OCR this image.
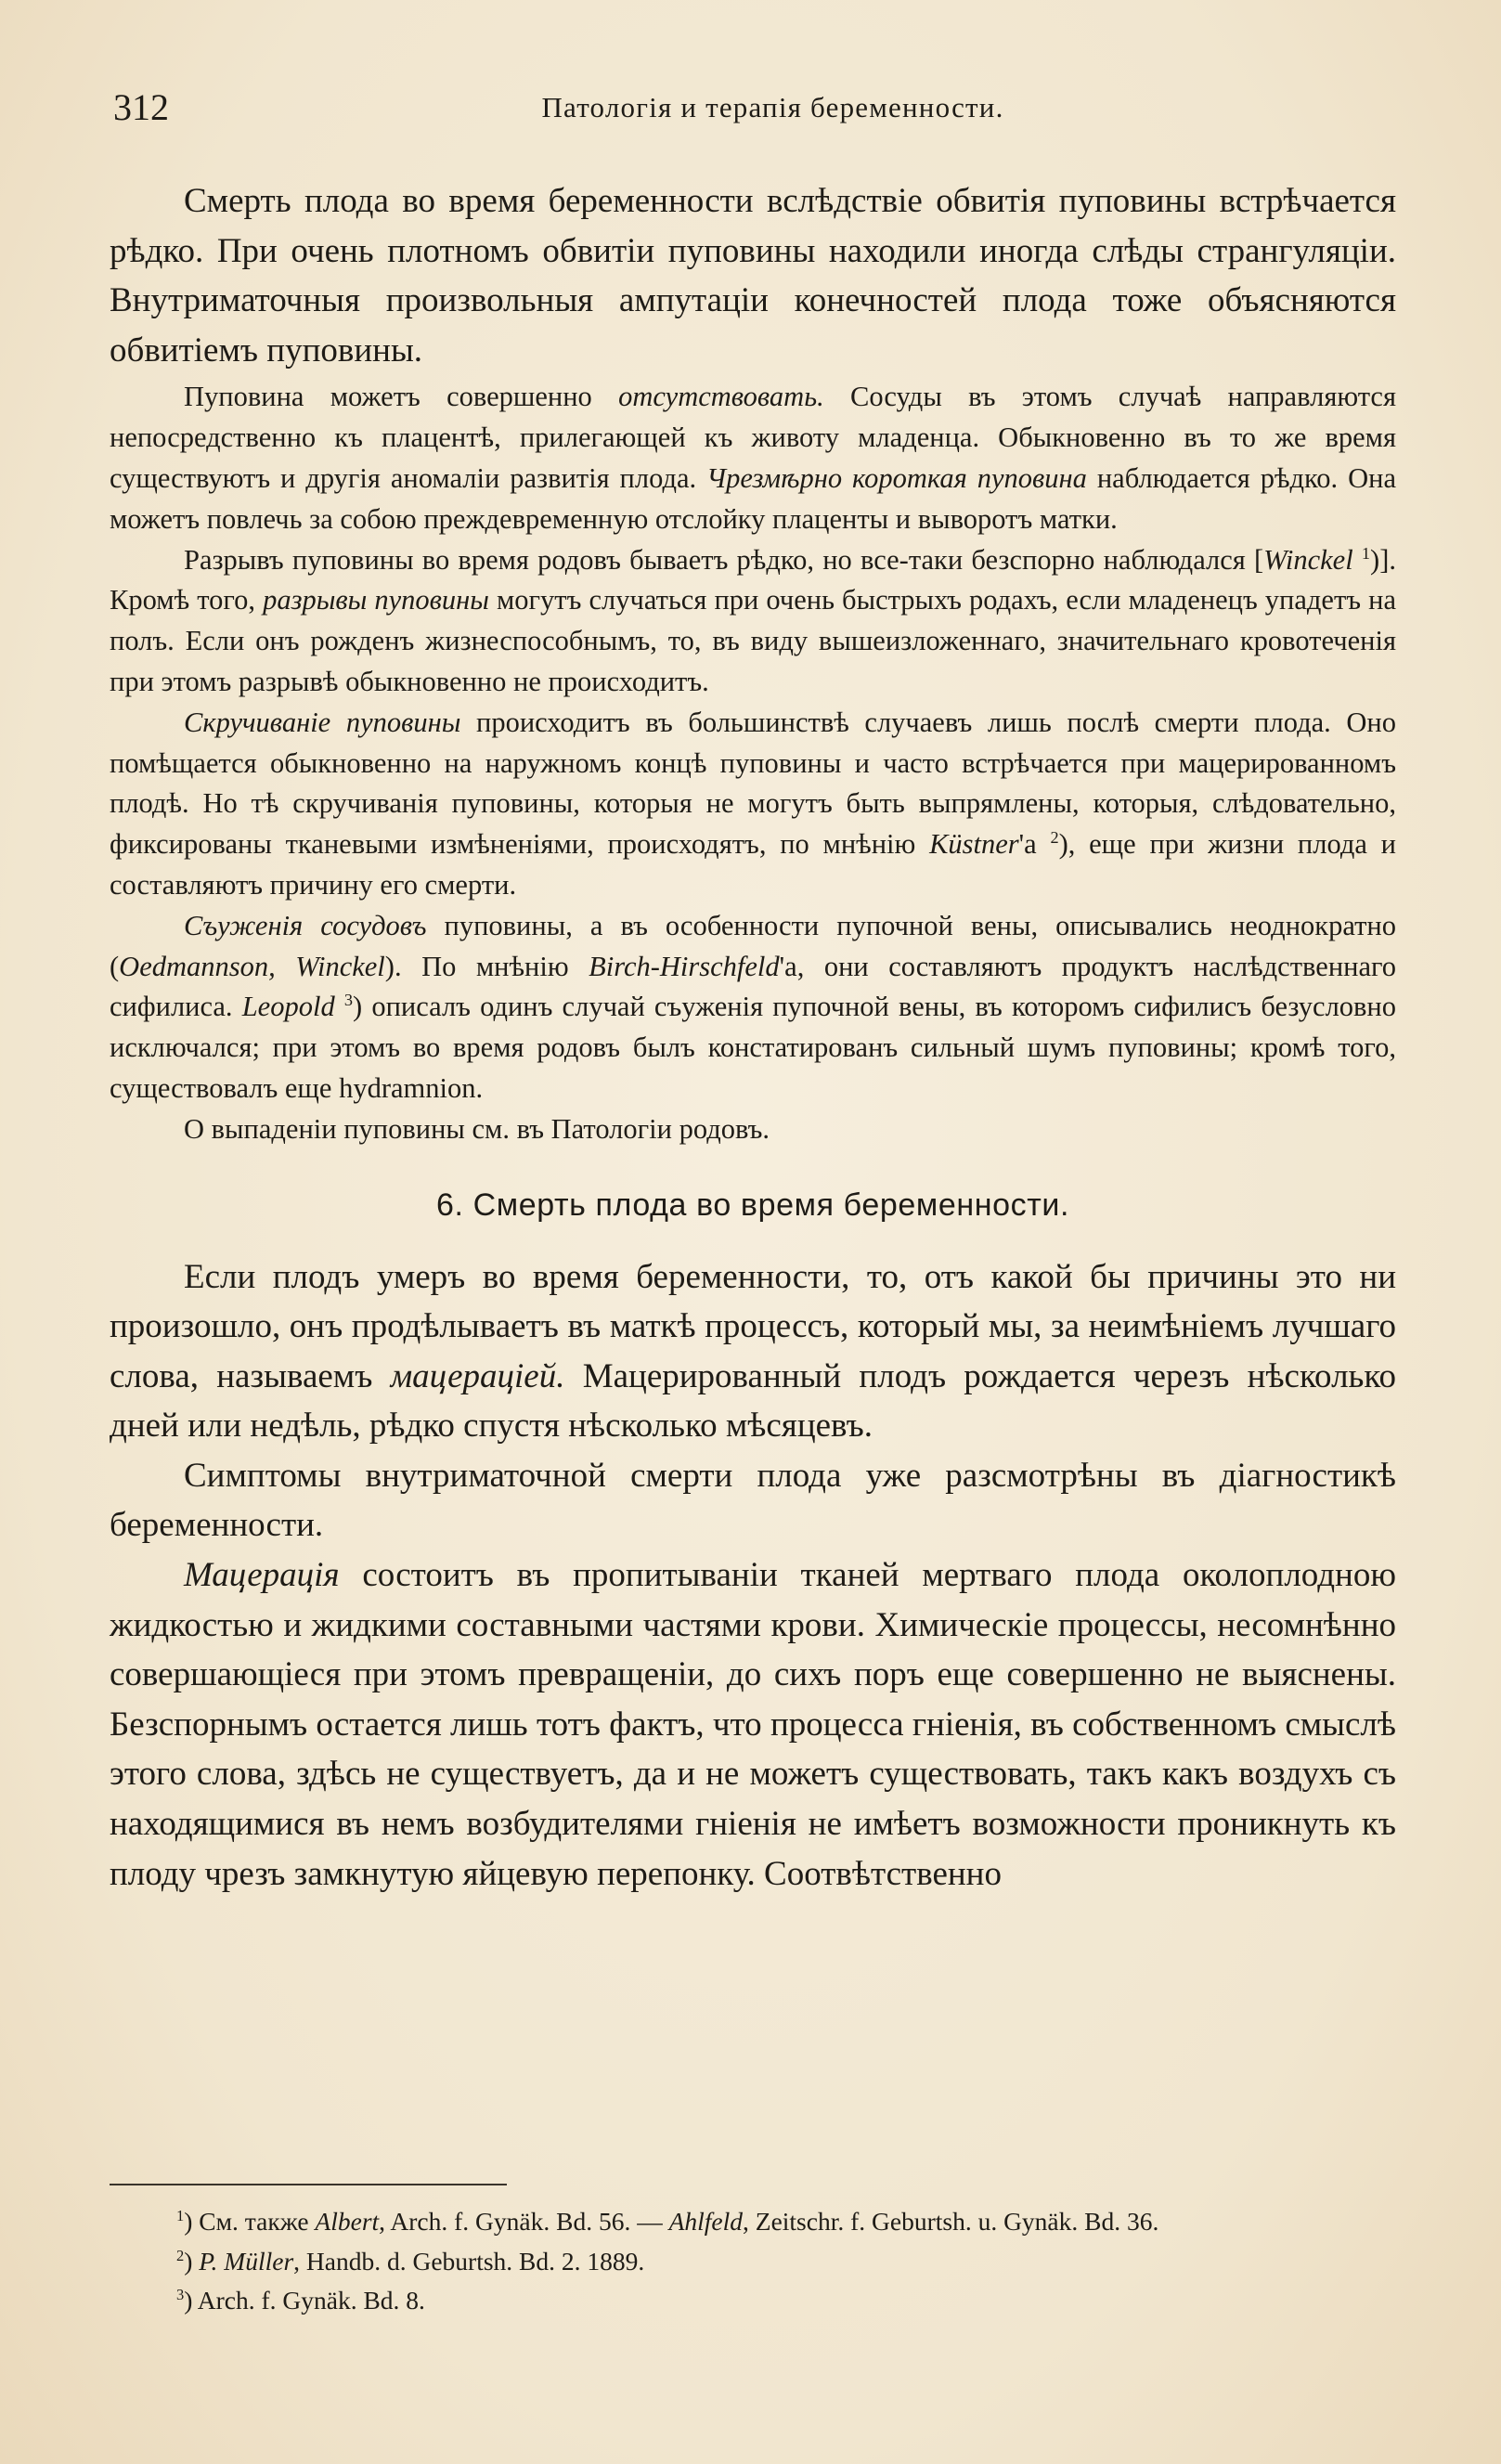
312	Патологія и терапія беременности.

Смерть плода во время беременности вслѣдствіе обвитія пуповины встрѣчается рѣдко. При очень плотномъ обвитіи пуповины находили иногда слѣды странгуляціи. Внутриматочныя произвольныя ампутаціи конечностей плода тоже объясняются обвитіемъ пуповины.

Пуповина можетъ совершенно отсутствовать. Сосуды въ этомъ случаѣ направляются непосредственно къ плацентѣ, прилегающей къ животу младенца. Обыкновенно въ то же время существуютъ и другія аномаліи развитія плода. Чрезмѣрно короткая пуповина наблюдается рѣдко. Она можетъ повлечь за собою преждевременную отслойку плаценты и выворотъ матки.

Разрывъ пуповины во время родовъ бываетъ рѣдко, но все-таки безспорно наблюдался [Winckel $^1$)]. Кромѣ того, разрывы пуповины могутъ случаться при очень быстрыхъ родахъ, если младенецъ упадетъ на полъ. Если онъ рожденъ жизнеспособнымъ, то, въ виду вышеизложеннаго, значительнаго кровотеченія при этомъ разрывѣ обыкновенно не происходитъ.

Скручиваніе пуповины происходитъ въ большинствѣ случаевъ лишь послѣ смерти плода. Оно помѣщается обыкновенно на наружномъ концѣ пуповины и часто встрѣчается при мацерированномъ плодѣ. Но тѣ скручиванія пуповины, которыя не могутъ быть выпрямлены, которыя, слѣдовательно, фиксированы тканевыми измѣненіями, происходятъ, по мнѣнію Küstner'а $^2$), еще при жизни плода и составляютъ причину его смерти.

Съуженія сосудовъ пуповины, а въ особенности пупочной вены, описывались неоднократно (Oedmannson, Winckel). По мнѣнію Birch-Hirschfeld'а, они составляютъ продуктъ наслѣдственнаго сифилиса. Leopold $^3$) описалъ одинъ случай съуженія пупочной вены, въ которомъ сифилисъ безусловно исключался; при этомъ во время родовъ былъ констатированъ сильный шумъ пуповины; кромѣ того, существовалъ еще hydramnion.

О выпаденіи пуповины см. въ Патологіи родовъ.

6. Смерть плода во время беременности.

Если плодъ умеръ во время беременности, то, отъ какой бы причины это ни произошло, онъ продѣлываетъ въ маткѣ процессъ, который мы, за неимѣніемъ лучшаго слова, называемъ мацераціей. Мацерированный плодъ рождается черезъ нѣсколько дней или недѣль, рѣдко спустя нѣсколько мѣсяцевъ.

Симптомы внутриматочной смерти плода уже разсмотрѣны въ діагностикѣ беременности.

Мацерація состоитъ въ пропитываніи тканей мертваго плода околоплодною жидкостью и жидкими составными частями крови. Химическіе процессы, несомнѣнно совершающіеся при этомъ превращеніи, до сихъ поръ еще совершенно не выяснены. Безспорнымъ остается лишь тотъ фактъ, что процесса гніенія, въ собственномъ смыслѣ этого слова, здѣсь не существуетъ, да и не можетъ существовать, такъ какъ воздухъ съ находящимися въ немъ возбудителями гніенія не имѣетъ возможности проникнуть къ плоду чрезъ замкнутую яйцевую перепонку. Соотвѣтственно

$^1$) См. также Albert, Arch. f. Gynäk. Bd. 56. — Ahlfeld, Zeitschr. f. Geburtsh. u. Gynäk. Bd. 36.

$^2$) P. Müller, Handb. d. Geburtsh. Bd. 2. 1889.

$^3$) Arch. f. Gynäk. Bd. 8.
